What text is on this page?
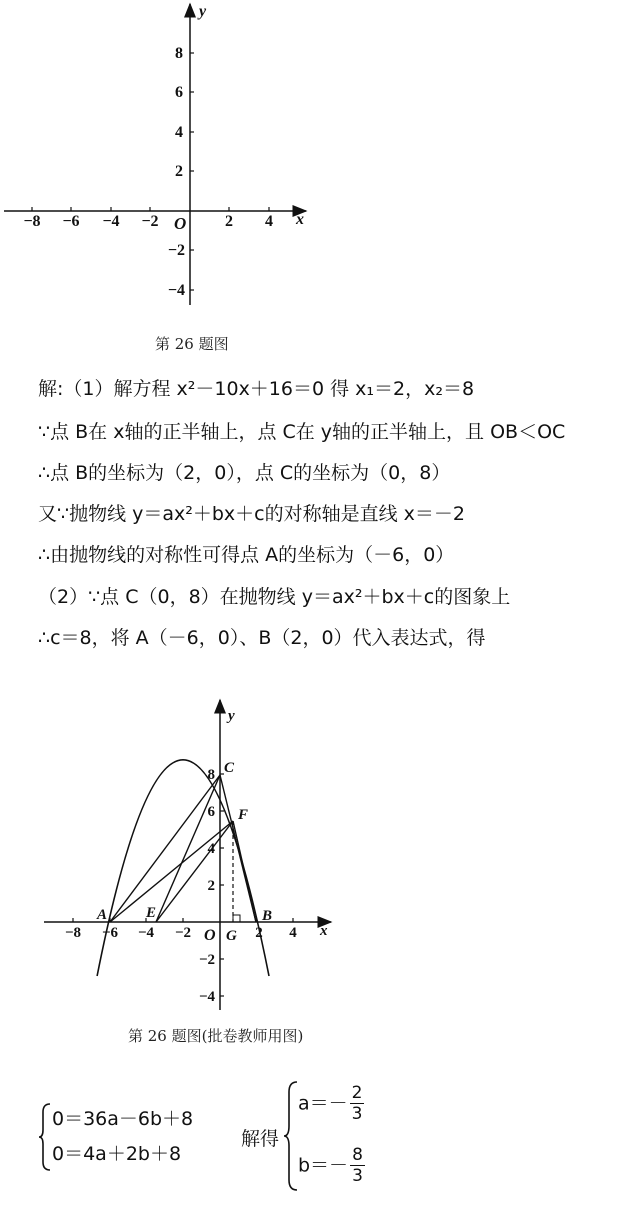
−8 −6 −4 −2	2 4
8
6
4
2
−2
−4
O	x
y
第 26 题图
解:（1）解方程 x²－10x＋16＝0 得 x₁＝2，x₂＝8
∵点 B在 x轴的正半轴上，点 C在 y轴的正半轴上，且 OB＜OC
∴点 B的坐标为（2，0），点 C的坐标为（0，8）
又∵抛物线 y＝ax²＋bx＋c的对称轴是直线 x＝－2
∴由抛物线的对称性可得点 A的坐标为（－6，0）
（2）∵点 C（0，8）在抛物线 y＝ax²＋bx＋c的图象上
∴c＝8，将 A（－6，0）、B（2，0）代入表达式，得
−8 −6 −4 −2	2 4
8
6
4
2
−2
−4
O	x
y
A	B
C
E
F
G
第 26 题图(批卷教师用图)
0＝36a－6b＋8
0＝4a＋2b＋8
解得
$a=- \frac{2}{3}$
$b=- \frac{8}{3}$
